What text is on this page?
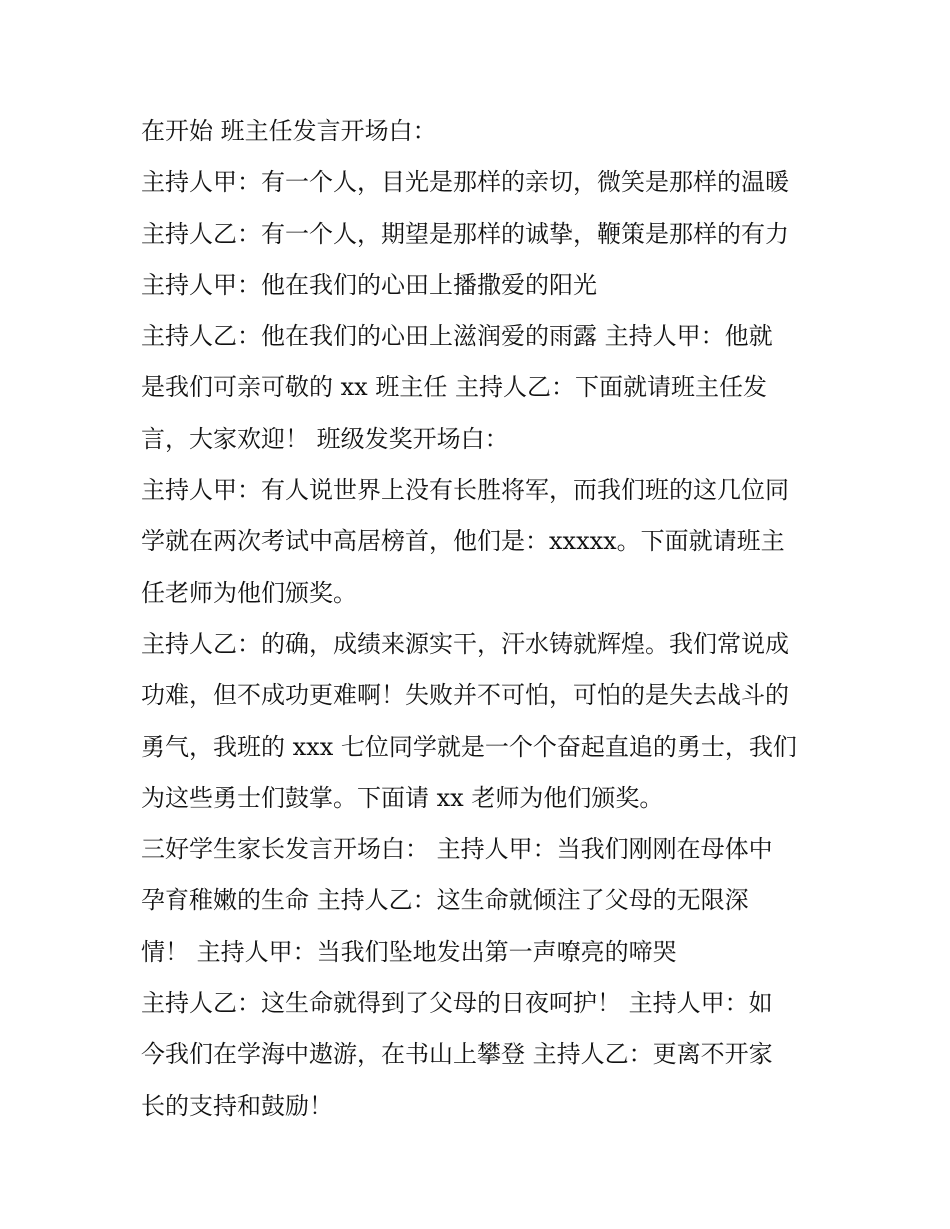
在开始 班主任发言开场白：
主持人甲：有一个人，目光是那样的亲切，微笑是那样的温暖
主持人乙：有一个人，期望是那样的诚挚，鞭策是那样的有力
主持人甲：他在我们的心田上播撒爱的阳光
主持人乙：他在我们的心田上滋润爱的雨露 主持人甲：他就
是我们可亲可敬的 xx 班主任 主持人乙：下面就请班主任发
言，大家欢迎！ 班级发奖开场白：
主持人甲：有人说世界上没有长胜将军，而我们班的这几位同
学就在两次考试中高居榜首，他们是：xxxxx。下面就请班主
任老师为他们颁奖。
主持人乙：的确，成绩来源实干，汗水铸就辉煌。我们常说成
功难，但不成功更难啊！失败并不可怕，可怕的是失去战斗的
勇气，我班的 xxx 七位同学就是一个个奋起直追的勇士，我们
为这些勇士们鼓掌。下面请 xx 老师为他们颁奖。
三好学生家长发言开场白： 主持人甲：当我们刚刚在母体中
孕育稚嫩的生命 主持人乙：这生命就倾注了父母的无限深
情！ 主持人甲：当我们坠地发出第一声嘹亮的啼哭
主持人乙：这生命就得到了父母的日夜呵护！ 主持人甲：如
今我们在学海中遨游，在书山上攀登 主持人乙：更离不开家
长的支持和鼓励！
